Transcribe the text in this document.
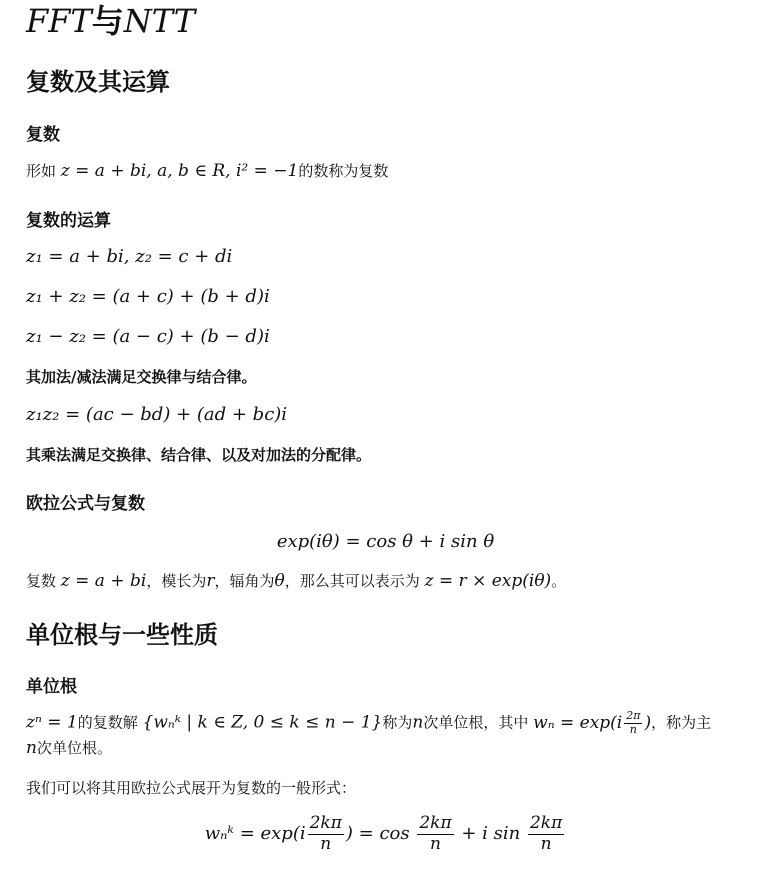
FFT与NTT
复数及其运算
复数

形如 z = a + bi, a, b ∈ R, i² = −1的数称为复数

复数的运算

z₁ = a + bi, z₂ = c + di

z₁ + z₂ = (a + c) + (b + d)i

z₁ − z₂ = (a − c) + (b − d)i

其加法/减法满足交换律与结合律。

z₁z₂ = (ac − bd) + (ad + bc)i

其乘法满足交换律、结合律、以及对加法的分配律。

欧拉公式与复数

exp(iθ) = cos θ + i sin θ

复数 z = a + bi，模长为r，辐角为θ，那么其可以表示为 z = r × exp(iθ)。

单位根与一些性质
单位根

zⁿ = 1的复数解 {wₙᵏ | k ∈ Z, 0 ≤ k ≤ n − 1}称为n次单位根，其中 $w_n = \exp(i \frac{2\pi}{n}$ )，称为主

n次单位根。

我们可以将其用欧拉公式展开为复数的一般形式：

wₙᵏ = $\exp(i \frac{2k\pi}{n}$ ) = $\cos \frac{2k\pi}{n} + i$ $\sin \frac{2k\pi}{n}$
